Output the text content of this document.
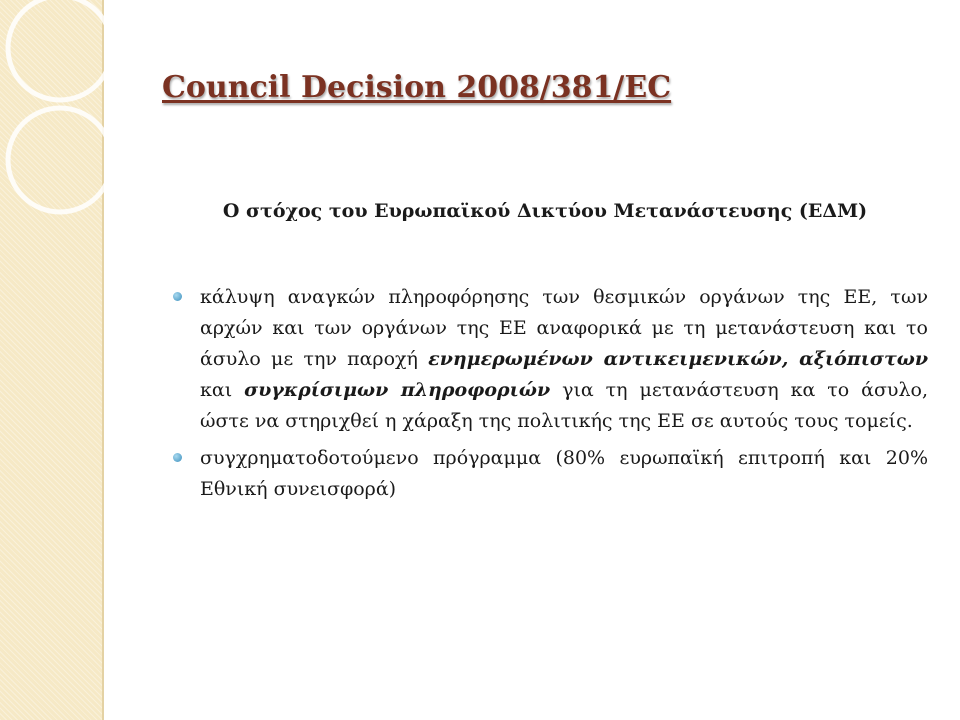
Council Decision 2008/381/EC
Ο στόχος του Ευρωπαϊκού Δικτύου Μετανάστευσης (ΕΔΜ)
κάλυψη αναγκών πληροφόρησης των θεσμικών οργάνων της ΕΕ, των αρχών και των οργάνων της ΕΕ αναφορικά με τη μετανάστευση και το άσυλο με την παροχή ενημερωμένων αντικειμενικών, αξιόπιστων και συγκρίσιμων πληροφοριών για τη μετανάστευση κα το άσυλο, ώστε να στηριχθεί η χάραξη της πολιτικής της ΕΕ σε αυτούς τους τομείς.
συγχρηματοδοτούμενο πρόγραμμα (80% ευρωπαϊκή επιτροπή και 20% Εθνική συνεισφορά)
